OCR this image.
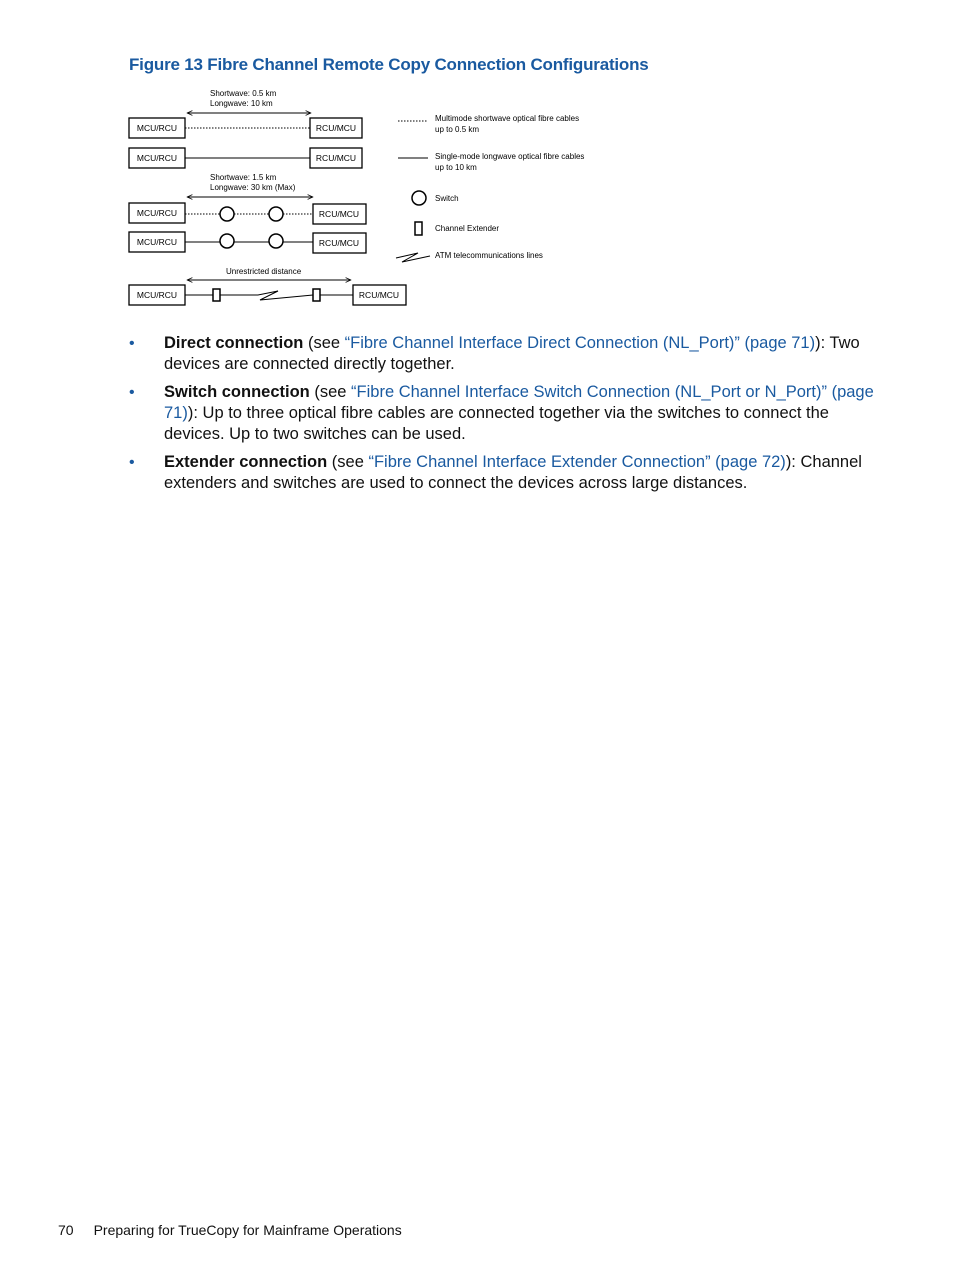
Figure 13 Fibre Channel Remote Copy Connection Configurations
Shortwave: 0.5 km
Longwave: 10 km
MCU/RCU	RCU/MCU
MCU/RCU	RCU/MCU
Shortwave: 1.5 km
Longwave: 30 km (Max)
MCU/RCU	RCU/MCU
MCU/RCU	RCU/MCU
Unrestricted distance
MCU/RCU	RCU/MCU
Multimode shortwave optical fibre cables
up to 0.5 km
Single-mode longwave optical fibre cables
up to 10 km
Switch
Channel Extender
ATM telecommunications lines
• Direct connection (see “Fibre Channel Interface Direct Connection (NL_Port)” (page 71)): Two devices are connected directly together.
• Switch connection (see “Fibre Channel Interface Switch Connection (NL_Port or N_Port)” (page 71)): Up to three optical fibre cables are connected together via the switches to connect the devices. Up to two switches can be used.
• Extender connection (see “Fibre Channel Interface Extender Connection” (page 72)): Channel extenders and switches are used to connect the devices across large distances.
70 Preparing for TrueCopy for Mainframe Operations
